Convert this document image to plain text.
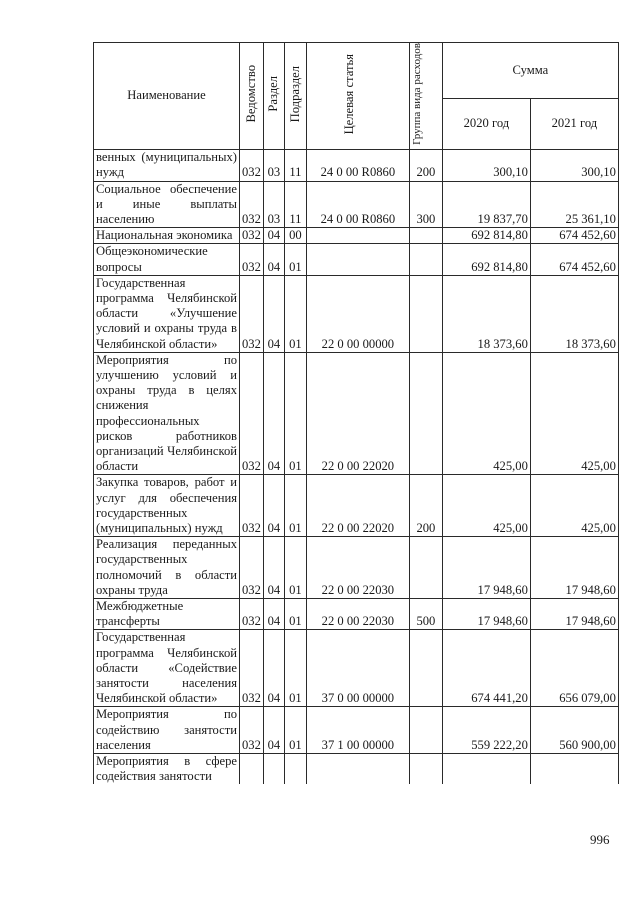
Наименование	Ведомство	Раздел	Подраздел	Целевая статья	Группа вида расходов	Сумма	
						2020 год	2021 год
венных (муниципальных) нужд	032	03	11	24 0 00 R0860	200	300,10	300,10
Социальное обеспечение и иные выплаты населению	032	03	11	24 0 00 R0860	300	19 837,70	25 361,10
Национальная экономика	032	04	00			692 814,80	674 452,60
Общеэкономические вопросы	032	04	01			692 814,80	674 452,60
Государственная программа Челябинской области «Улучшение условий и охраны труда в Челябинской области»	032	04	01	22 0 00 00000		18 373,60	18 373,60
Мероприятия по улучшению условий и охраны труда в целях снижения профессиональных рисков работников организаций Челябинской области	032	04	01	22 0 00 22020		425,00	425,00
Закупка товаров, работ и услуг для обеспечения государственных (муниципальных) нужд	032	04	01	22 0 00 22020	200	425,00	425,00
Реализация переданных государственных полномочий в области охраны труда	032	04	01	22 0 00 22030		17 948,60	17 948,60
Межбюджетные трансферты	032	04	01	22 0 00 22030	500	17 948,60	17 948,60
Государственная программа Челябинской области «Содействие занятости населения Челябинской области»	032	04	01	37 0 00 00000		674 441,20	656 079,00
Мероприятия по содействию занятости населения	032	04	01	37 1 00 00000		559 222,20	560 900,00
Мероприятия в сфере содействия занятости							
996
